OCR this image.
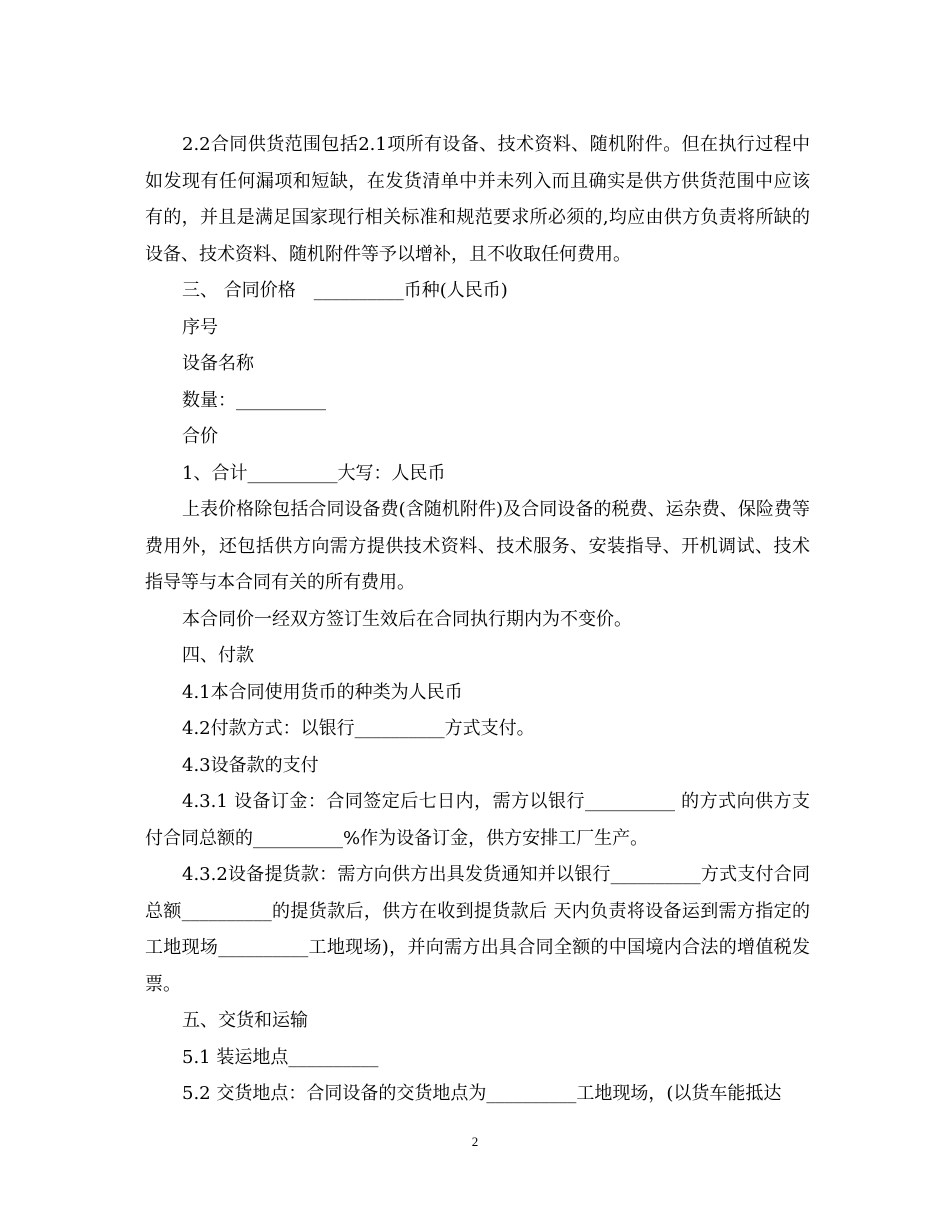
2.2合同供货范围包括2.1项所有设备、技术资料、随机附件。但在执行过程中如发现有任何漏项和短缺，在发货清单中并未列入而且确实是供方供货范围中应该有的，并且是满足国家现行相关标准和规范要求所必须的,均应由供方负责将所缺的设备、技术资料、随机附件等予以增补，且不收取任何费用。

三、 合同价格　__________币种(人民币)

序号

设备名称

数量：__________

合价

1、合计__________大写：人民币

上表价格除包括合同设备费(含随机附件)及合同设备的税费、运杂费、保险费等费用外，还包括供方向需方提供技术资料、技术服务、安装指导、开机调试、技术指导等与本合同有关的所有费用。

本合同价一经双方签订生效后在合同执行期内为不变价。

四、付款

4.1本合同使用货币的种类为人民币

4.2付款方式：以银行__________方式支付。

4.3设备款的支付

4.3.1 设备订金：合同签定后七日内，需方以银行__________ 的方式向供方支付合同总额的__________%作为设备订金，供方安排工厂生产。

4.3.2设备提货款：需方向供方出具发货通知并以银行__________方式支付合同总额__________的提货款后，供方在收到提货款后 天内负责将设备运到需方指定的工地现场__________工地现场)，并向需方出具合同全额的中国境内合法的增值税发票。

五、交货和运输

5.1 装运地点__________

5.2 交货地点：合同设备的交货地点为__________工地现场，(以货车能抵达

2
